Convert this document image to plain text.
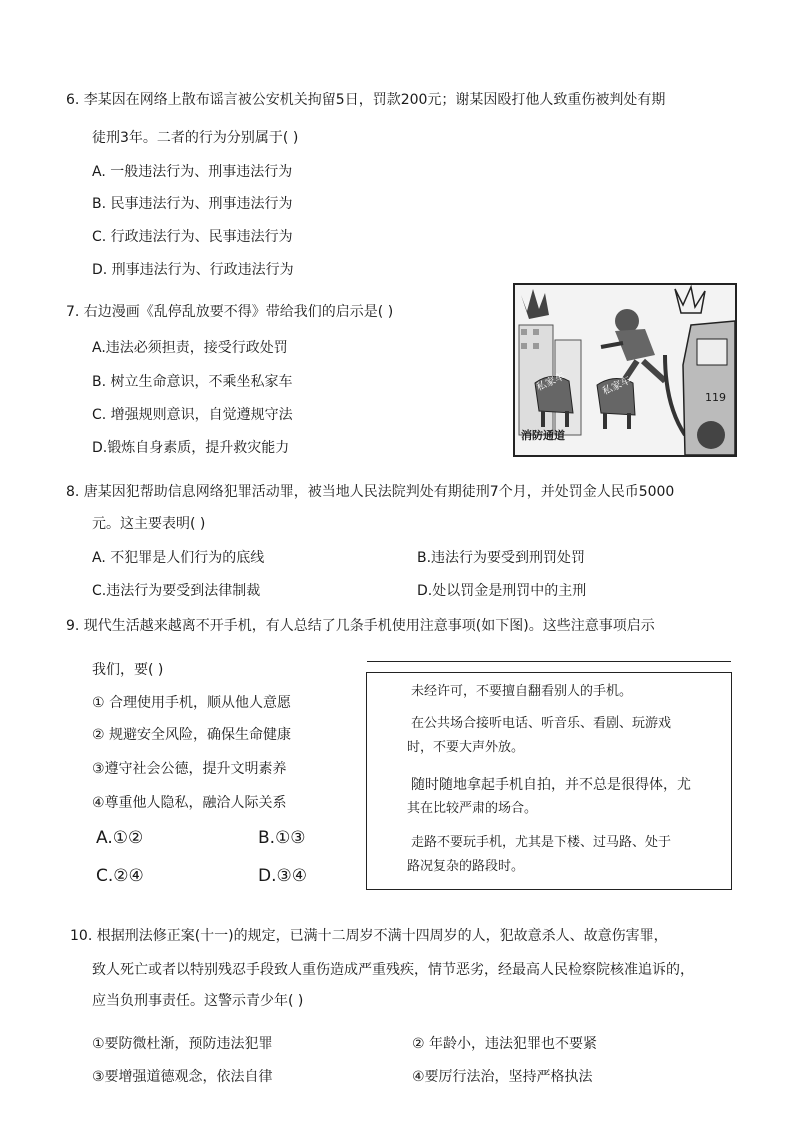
6. 李某因在网络上散布谣言被公安机关拘留5日，罚款200元；谢某因殴打他人致重伤被判处有期
徒刑3年。二者的行为分别属于( )
A. 一般违法行为、刑事违法行为
B. 民事违法行为、刑事违法行为
C. 行政违法行为、民事违法行为
D. 刑事违法行为、行政违法行为
7. 右边漫画《乱停乱放要不得》带给我们的启示是( )
A.违法必须担责，接受行政处罚
B. 树立生命意识，不乘坐私家车
C. 增强规则意识，自觉遵规守法
D.锻炼自身素质，提升救灾能力
私家车	私家车
消防通道
119
8. 唐某因犯帮助信息网络犯罪活动罪，被当地人民法院判处有期徒刑7个月，并处罚金人民币5000
元。这主要表明( )
A. 不犯罪是人们行为的底线	B.违法行为要受到刑罚处罚
C.违法行为要受到法律制裁	D.处以罚金是刑罚中的主刑
9. 现代生活越来越离不开手机，有人总结了几条手机使用注意事项(如下图)。这些注意事项启示
我们，要( )
① 合理使用手机，顺从他人意愿
② 规避安全风险，确保生命健康
③遵守社会公德，提升文明素养
④尊重他人隐私，融洽人际关系
A.①②	B.①③
C.②④	D.③④
未经许可，不要擅自翻看别人的手机。
在公共场合接听电话、听音乐、看剧、玩游戏
时，不要大声外放。
随时随地拿起手机自拍，并不总是很得体，尤
其在比较严肃的场合。
走路不要玩手机，尤其是下楼、过马路、处于
路况复杂的路段时。
10. 根据刑法修正案(十一)的规定，已满十二周岁不满十四周岁的人，犯故意杀人、故意伤害罪，
致人死亡或者以特别残忍手段致人重伤造成严重残疾，情节恶劣，经最高人民检察院核准追诉的，
应当负刑事责任。这警示青少年( )
①要防微杜渐，预防违法犯罪	② 年龄小，违法犯罪也不要紧
③要增强道德观念，依法自律	④要厉行法治，坚持严格执法
